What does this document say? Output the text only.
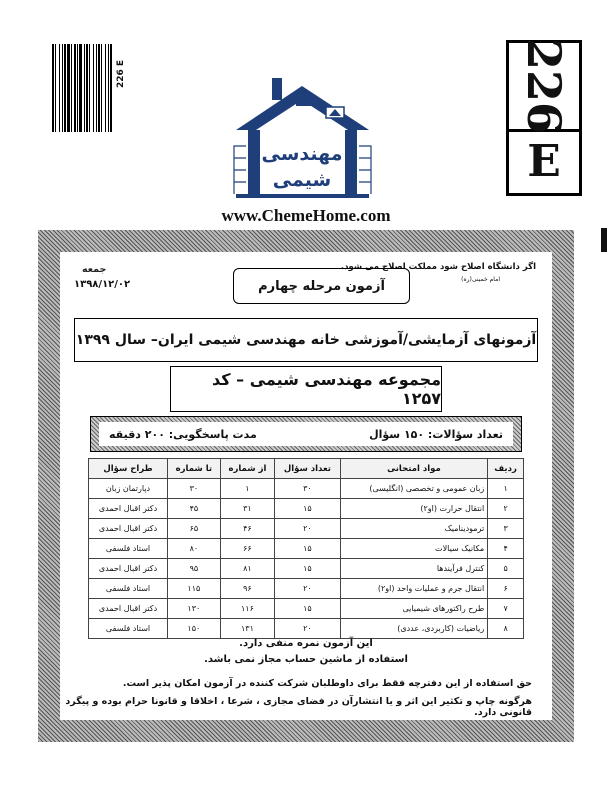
226 E	226
E
مهندسی
شیمی
www.ChemeHome.com
اگر دانشگاه اصلاح شود مملکت اصلاح می شود.
امام خمینی(ره)
جمعه
۱۳۹۸/۱۲/۰۲	آزمون مرحله چهارم
آزمونهای آزمایشی/آموزشی خانه مهندسی شیمی ایران– سال ۱۳۹۹
مجموعه مهندسی شیمی – کد ۱۲۵۷
تعداد سؤالات: ۱۵۰ سؤال
مدت پاسخگویی: ۲۰۰ دقیقه
ردیف	مواد امتحانی	تعداد سؤال	از شماره	تا شماره	طراح سؤال
۱	زبان عمومی و تخصصی (انگلیسی)	۳۰	۱	۳۰	دپارتمان زبان
۲	انتقال حرارت (او۲)	۱۵	۳۱	۴۵	دکتر اقبال احمدی
۳	ترمودینامیک	۲۰	۴۶	۶۵	دکتر اقبال احمدی
۴	مکانیک سیالات	۱۵	۶۶	۸۰	استاد فلسفی
۵	کنترل فرآیندها	۱۵	۸۱	۹۵	دکتر اقبال احمدی
۶	انتقال جرم و عملیات واحد (او۲)	۲۰	۹۶	۱۱۵	استاد فلسفی
۷	طرح راکتورهای شیمیایی	۱۵	۱۱۶	۱۳۰	دکتر اقبال احمدی
۸	ریاضیات (کاربردی، عددی)	۲۰	۱۳۱	۱۵۰	استاد فلسفی
این آزمون نمره منفی دارد.
استفاده از ماشین حساب مجاز نمی باشد.
حق استفاده از این دفترچه فقط برای داوطلبان شرکت کننده در آزمون امکان پذیر است.
هرگونه چاپ و تکثیر این اثر و یا انتشارآن در فضای مجازی ، شرعا ، اخلاقا و قانونا حرام بوده و پیگرد قانونی دارد.
